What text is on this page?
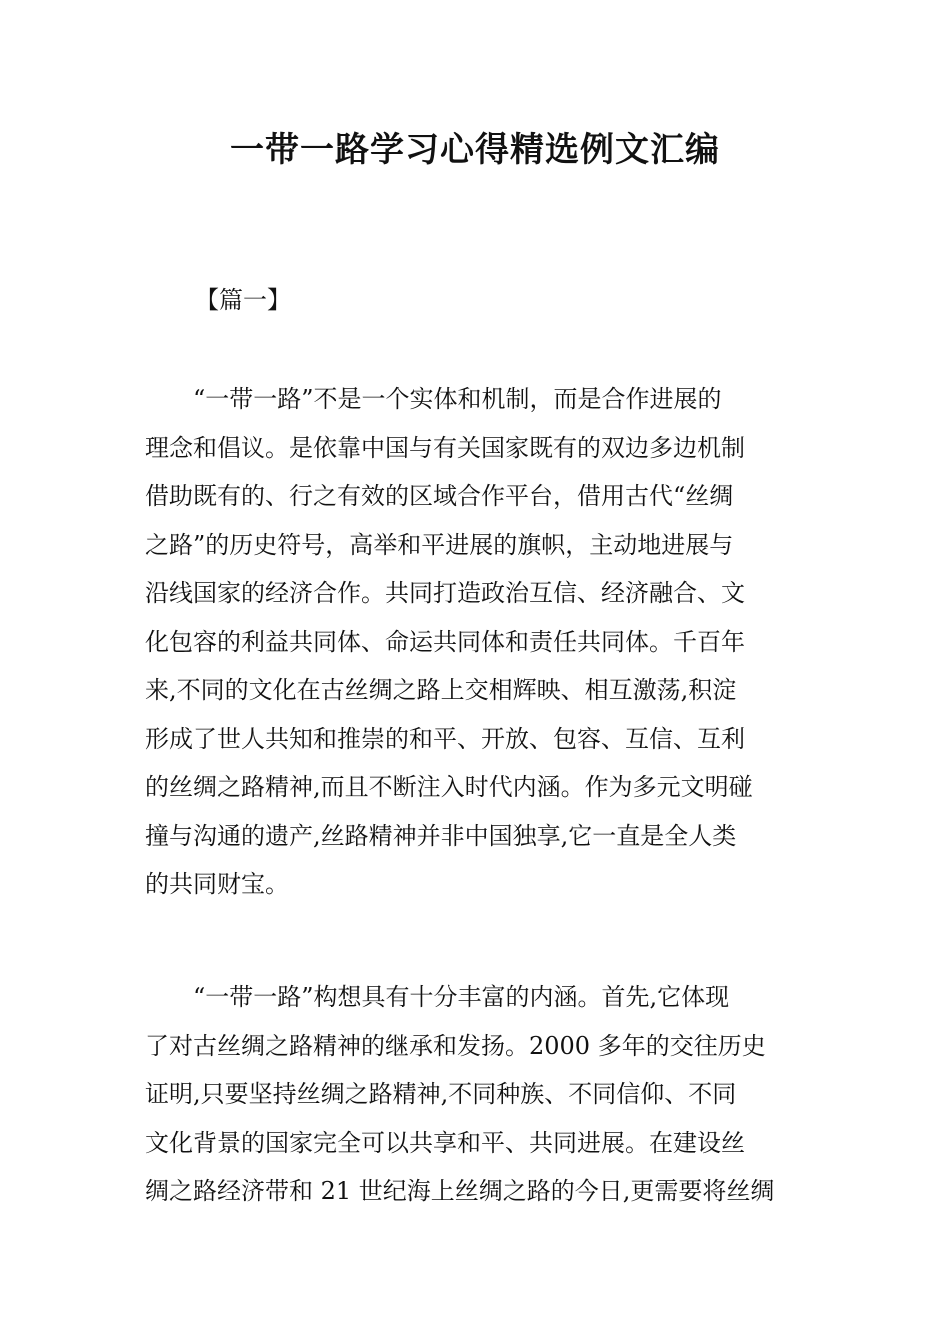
一带一路学习心得精选例文汇编
【篇一】

　　“一带一路”不是一个实体和机制，而是合作进展的
理念和倡议。是依靠中国与有关国家既有的双边多边机制
借助既有的、行之有效的区域合作平台，借用古代“丝绸
之路”的历史符号，高举和平进展的旗帜，主动地进展与
沿线国家的经济合作。共同打造政治互信、经济融合、文
化包容的利益共同体、命运共同体和责任共同体。千百年
来,不同的文化在古丝绸之路上交相辉映、相互激荡,积淀
形成了世人共知和推崇的和平、开放、包容、互信、互利
的丝绸之路精神,而且不断注入时代内涵。作为多元文明碰
撞与沟通的遗产,丝路精神并非中国独享,它一直是全人类
的共同财宝。

　　“一带一路”构想具有十分丰富的内涵。首先,它体现
了对古丝绸之路精神的继承和发扬。2000 多年的交往历史
证明,只要坚持丝绸之路精神,不同种族、不同信仰、不同
文化背景的国家完全可以共享和平、共同进展。在建设丝
绸之路经济带和 21 世纪海上丝绸之路的今日,更需要将丝绸
